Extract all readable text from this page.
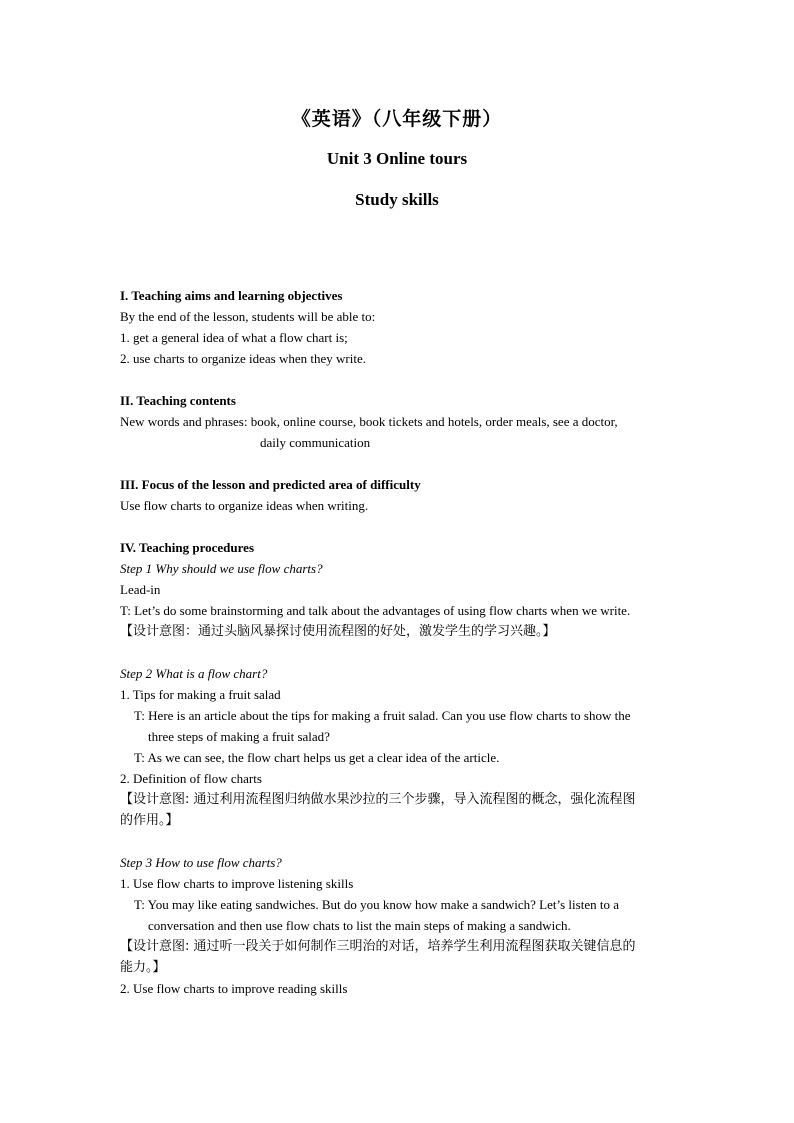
《英语》（八年级下册）
Unit 3 Online tours
Study skills
I. Teaching aims and learning objectives
By the end of the lesson, students will be able to:
1. get a general idea of what a flow chart is;
2. use charts to organize ideas when they write.
II. Teaching contents
New words and phrases: book, online course, book tickets and hotels, order meals, see a doctor,
daily communication
III. Focus of the lesson and predicted area of difficulty
Use flow charts to organize ideas when writing.
IV. Teaching procedures
Step 1 Why should we use flow charts?
Lead-in
T: Let’s do some brainstorming and talk about the advantages of using flow charts when we write.
【设计意图：通过头脑风暴探讨使用流程图的好处，激发学生的学习兴趣。】
Step 2 What is a flow chart?
1. Tips for making a fruit salad
T: Here is an article about the tips for making a fruit salad. Can you use flow charts to show the
three steps of making a fruit salad?
T: As we can see, the flow chart helps us get a clear idea of the article.
2. Definition of flow charts
【设计意图: 通过利用流程图归纳做水果沙拉的三个步骤，导入流程图的概念，强化流程图
的作用。】
Step 3 How to use flow charts?
1. Use flow charts to improve listening skills
T: You may like eating sandwiches. But do you know how make a sandwich? Let’s listen to a
conversation and then use flow chats to list the main steps of making a sandwich.
【设计意图: 通过听一段关于如何制作三明治的对话，培养学生利用流程图获取关键信息的
能力。】
2. Use flow charts to improve reading skills
